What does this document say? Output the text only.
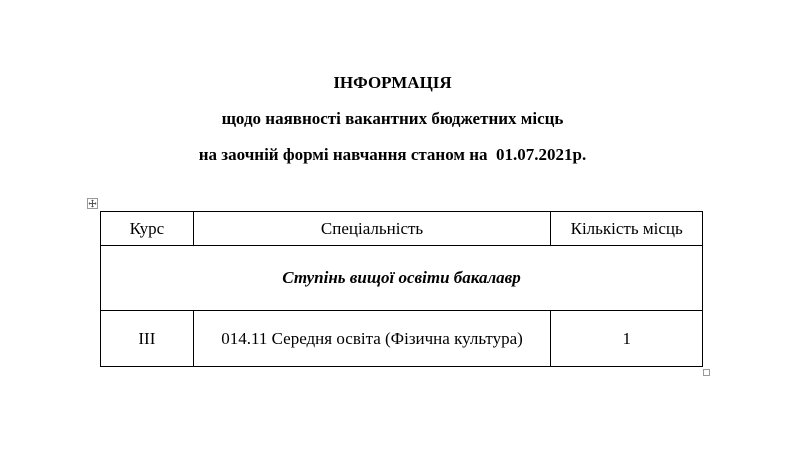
ІНФОРМАЦІЯ
щодо наявності вакантних бюджетних місць
на заочній формі навчання станом на  01.07.2021р.
Курс	Спеціальність	Кількість місць
Ступінь вищої освіти бакалавр		
ІІІ	014.11 Середня освіта (Фізична культура)	1
